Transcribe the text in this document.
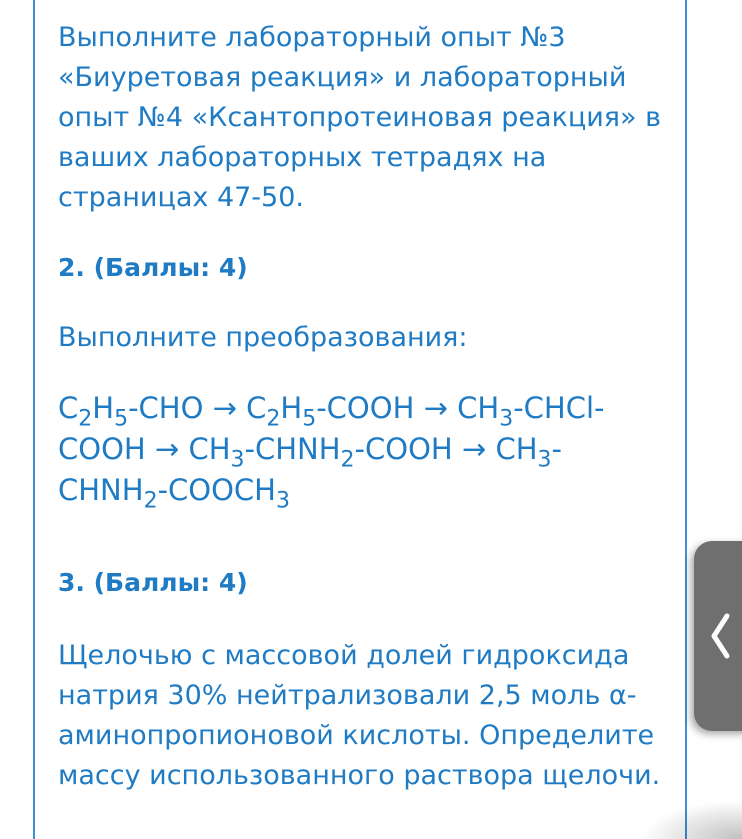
Выполните лабораторный опыт №3 «Биуретовая реакция» и лабораторный опыт №4 «Ксантопротеиновая реакция» в ваших лабораторных тетрадях на страницах 47-50.

2. (Баллы: 4)

Выполните преобразования:

$C_2H_5$-CHO → $C_2H_5$-COOH → $CH_3-CHCl$-COOH → $CH_3-CHNH_2$-COOH → $CH_3-CHNH_2-COOCH_3$

3. (Баллы: 4)

Щелочью с массовой долей гидроксида натрия 30% нейтрализовали 2,5 моль α-аминопропионовой кислоты. Определите массу использованного раствора щелочи.
